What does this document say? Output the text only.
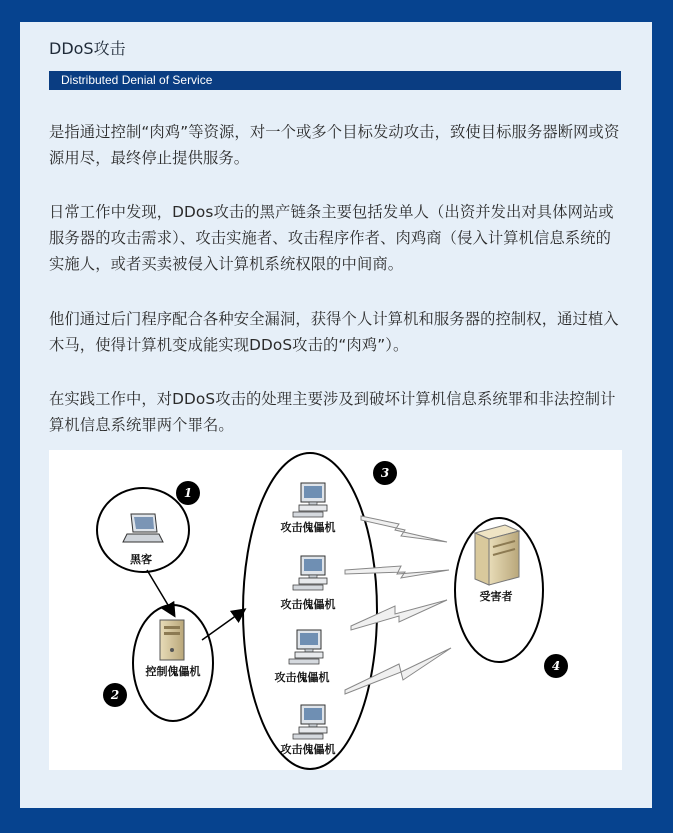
DDoS攻击
Distributed Denial of Service

是指通过控制“肉鸡”等资源，对一个或多个目标发动攻击，致使目标服务器断网或资源用尽，最终停止提供服务。

日常工作中发现，DDos攻击的黑产链条主要包括发单人（出资并发出对具体网站或服务器的攻击需求）、攻击实施者、攻击程序作者、肉鸡商（侵入计算机信息系统的实施人，或者买卖被侵入计算机系统权限的中间商。

他们通过后门程序配合各种安全漏洞，获得个人计算机和服务器的控制权，通过植入木马，使得计算机变成能实现DDoS攻击的“肉鸡”）。

在实践工作中，对DDoS攻击的处理主要涉及到破坏计算机信息系统罪和非法控制计算机信息系统罪两个罪名。

黑客
1
控制傀儡机
2
3
攻击傀儡机
攻击傀儡机
攻击傀儡机
攻击傀儡机
受害者
4
